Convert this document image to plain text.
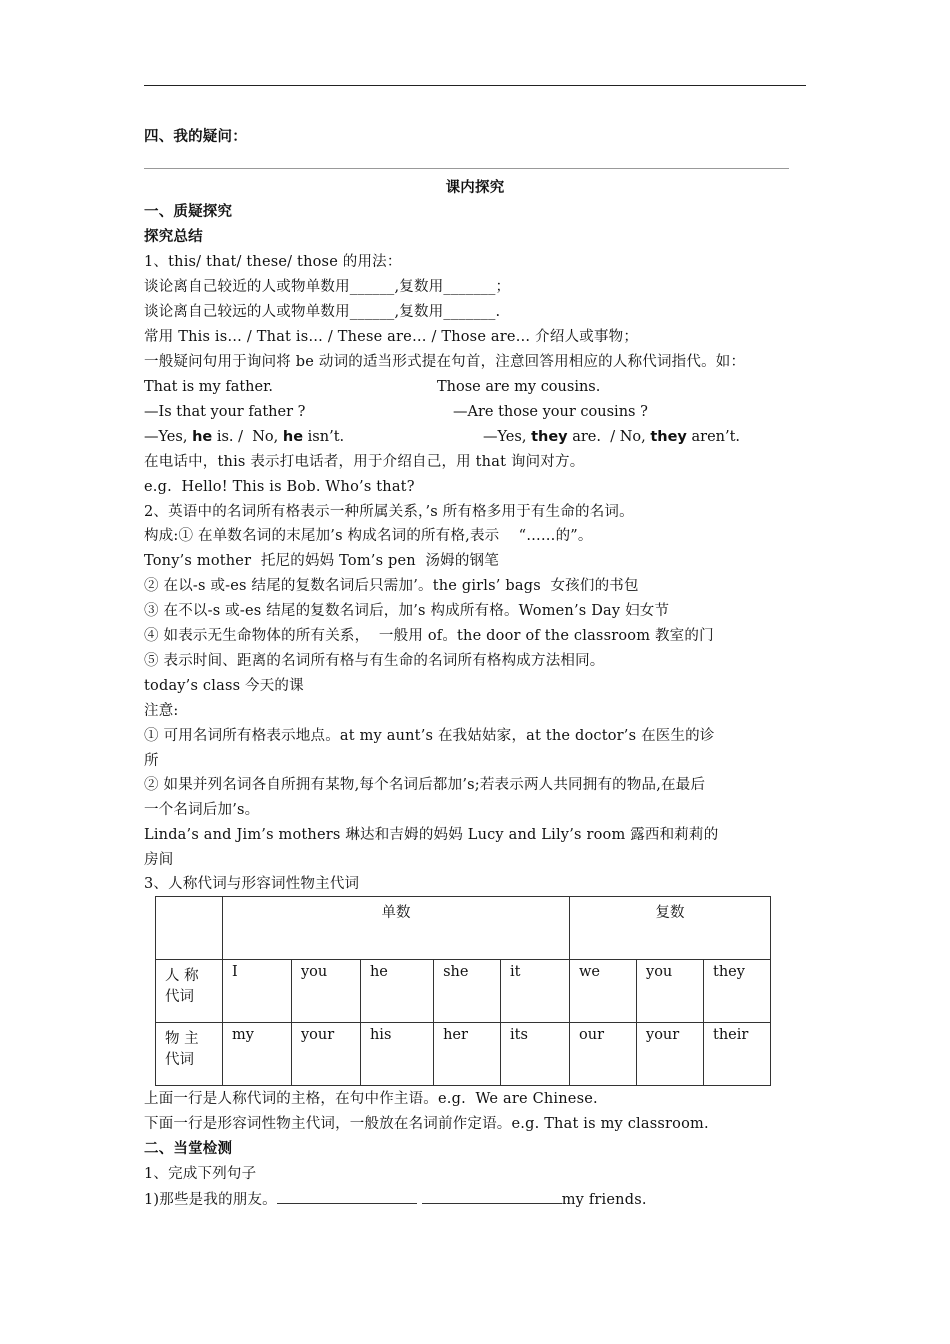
四、我的疑问：
课内探究
一、质疑探究
探究总结
1、this/ that/ these/ those 的用法：
谈论离自己较近的人或物单数用______,复数用_______；
谈论离自己较远的人或物单数用______,复数用_______.
常用 This is… / That is… / These are… / Those are… 介绍人或事物；
一般疑问句用于询问将 be 动词的适当形式提在句首，注意回答用相应的人称代词指代。如：
That is my father.	Those are my cousins.
—Is that your father ?	—Are those your cousins ?
—Yes, he is. /  No, he isn’t.	—Yes, they are.  / No, they aren’t.
在电话中，this 表示打电话者，用于介绍自己，用 that 询问对方。
e.g.  Hello! This is Bob. Who’s that?
2、英语中的名词所有格表示一种所属关系，’s 所有格多用于有生命的名词。
构成:① 在单数名词的末尾加’s 构成名词的所有格,表示    “……的”。
Tony’s mother  托尼的妈妈 Tom’s pen  汤姆的钢笔
② 在以-s 或-es 结尾的复数名词后只需加’。the girls’ bags  女孩们的书包
③ 在不以-s 或-es 结尾的复数名词后，加’s 构成所有格。Women’s Day 妇女节
④ 如表示无生命物体的所有关系，  一般用 of。the door of the classroom 教室的门
⑤ 表示时间、距离的名词所有格与有生命的名词所有格构成方法相同。
today’s class 今天的课
注意:
① 可用名词所有格表示地点。at my aunt’s 在我姑姑家，at the doctor’s 在医生的诊
所
② 如果并列名词各自所拥有某物,每个名词后都加’s;若表示两人共同拥有的物品,在最后
一个名词后加’s。
Linda’s and Jim’s mothers 琳达和吉姆的妈妈 Lucy and Lily’s room 露西和莉莉的
房间
3、人称代词与形容词性物主代词
	单数					复数		

人 称
代词	I	you	he	she	it	we	you	they

物 主
代词	my	your	his	her	its	our	your	their
上面一行是人称代词的主格，在句中作主语。e.g.  We are Chinese.
下面一行是形容词性物主代词，一般放在名词前作定语。e.g. That is my classroom.
二、当堂检测
1、完成下列句子
1)那些是我的朋友。	my friends.
